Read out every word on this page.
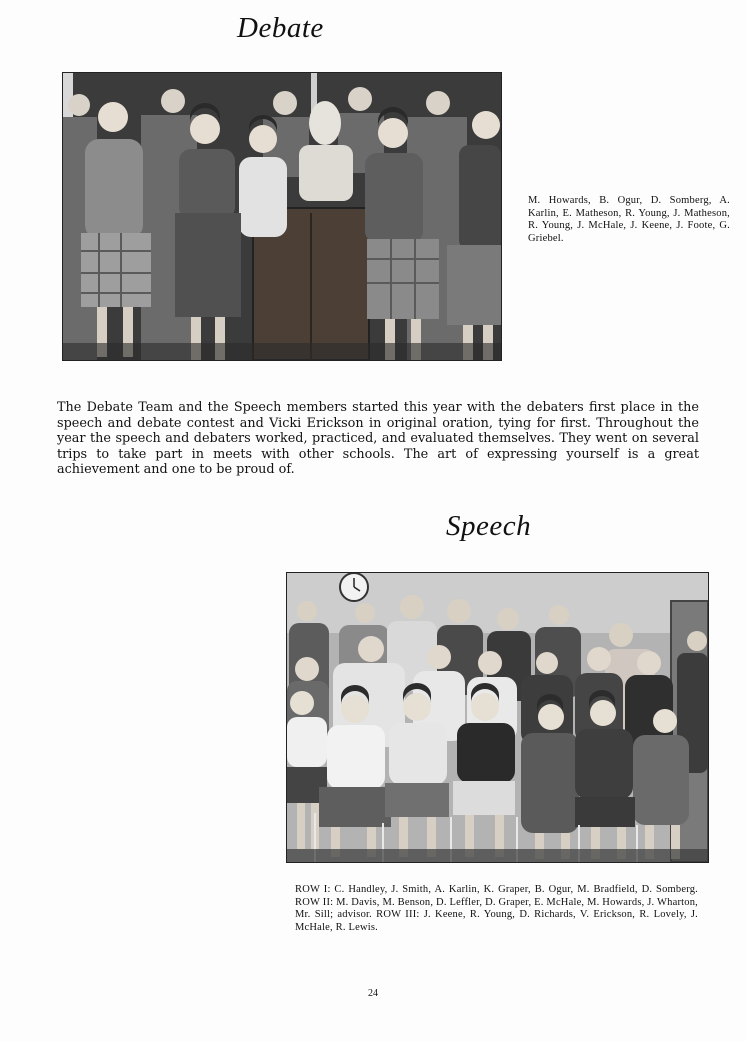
Debate

M. Howards, B. Ogur, D. Somberg, A. Karlin, E. Matheson, R. Young, J. Matheson, R. Young, J. McHale, J. Keene, J. Foote, G. Griebel.

The Debate Team and the Speech members started this year with the debaters first place in the speech and debate contest and Vicki Erickson in original oration, tying for first. Throughout the year the speech and debaters worked, practiced, and evaluated themselves. They went on several trips to take part in meets with other schools. The art of expressing yourself is a great achievement and one to be proud of.

Speech

ROW I: C. Handley, J. Smith, A. Karlin, K. Graper, B. Ogur, M. Bradfield, D. Somberg. ROW II: M. Davis, M. Benson, D. Leffler, D. Graper, E. McHale, M. Howards, J. Wharton, Mr. Sill; advisor. ROW III: J. Keene, R. Young, D. Richards, V. Erickson, R. Lovely, J. McHale, R. Lewis.

24
